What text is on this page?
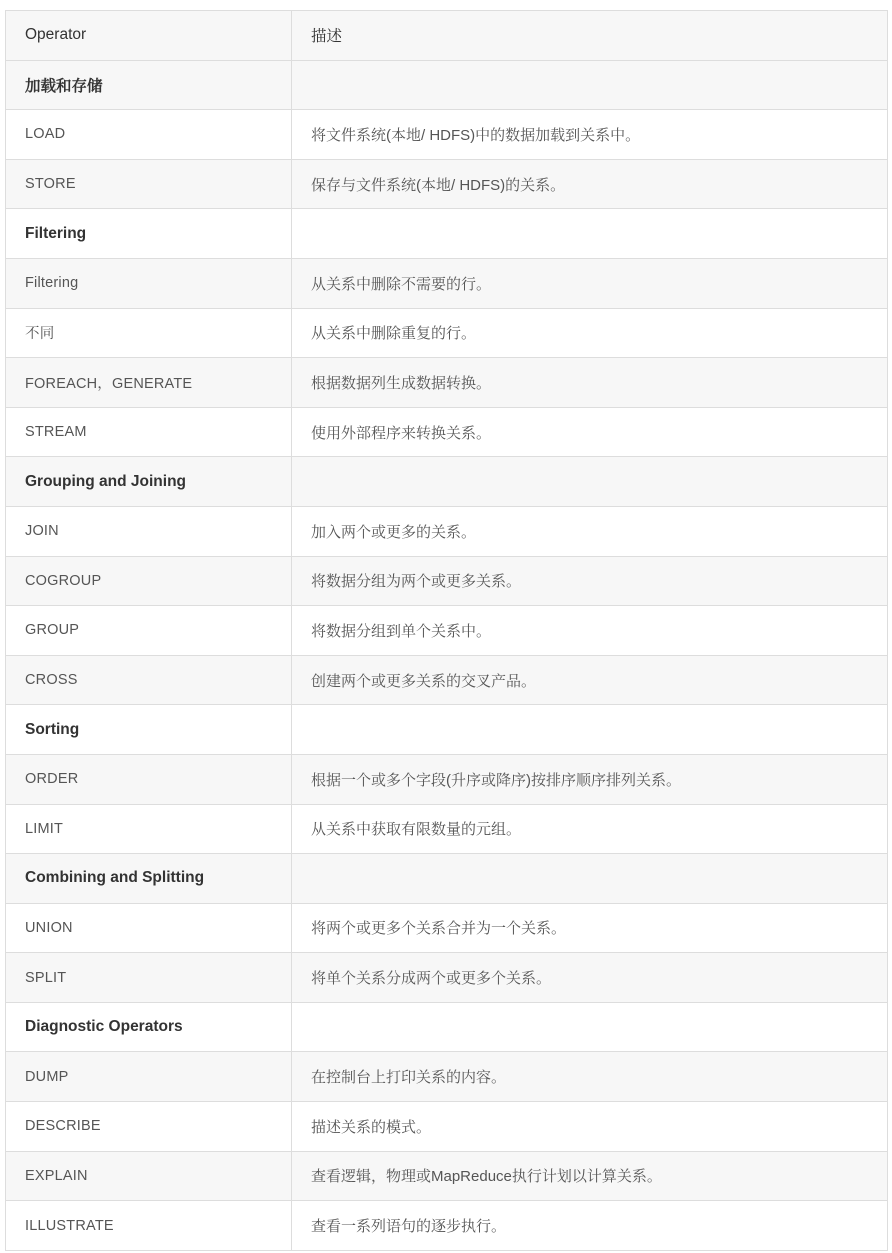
Operator	描述
加载和存储	
LOAD	将文件系统(本地/ HDFS)中的数据加载到关系中。
STORE	保存与文件系统(本地/ HDFS)的关系。
Filtering	
Filtering	从关系中删除不需要的行。
不同	从关系中删除重复的行。
FOREACH，GENERATE	根据数据列生成数据转换。
STREAM	使用外部程序来转换关系。
Grouping and Joining	
JOIN	加入两个或更多的关系。
COGROUP	将数据分组为两个或更多关系。
GROUP	将数据分组到单个关系中。
CROSS	创建两个或更多关系的交叉产品。
Sorting	
ORDER	根据一个或多个字段(升序或降序)按排序顺序排列关系。
LIMIT	从关系中获取有限数量的元组。
Combining and Splitting	
UNION	将两个或更多个关系合并为一个关系。
SPLIT	将单个关系分成两个或更多个关系。
Diagnostic Operators	
DUMP	在控制台上打印关系的内容。
DESCRIBE	描述关系的模式。
EXPLAIN	查看逻辑，物理或MapReduce执行计划以计算关系。
ILLUSTRATE	查看一系列语句的逐步执行。
